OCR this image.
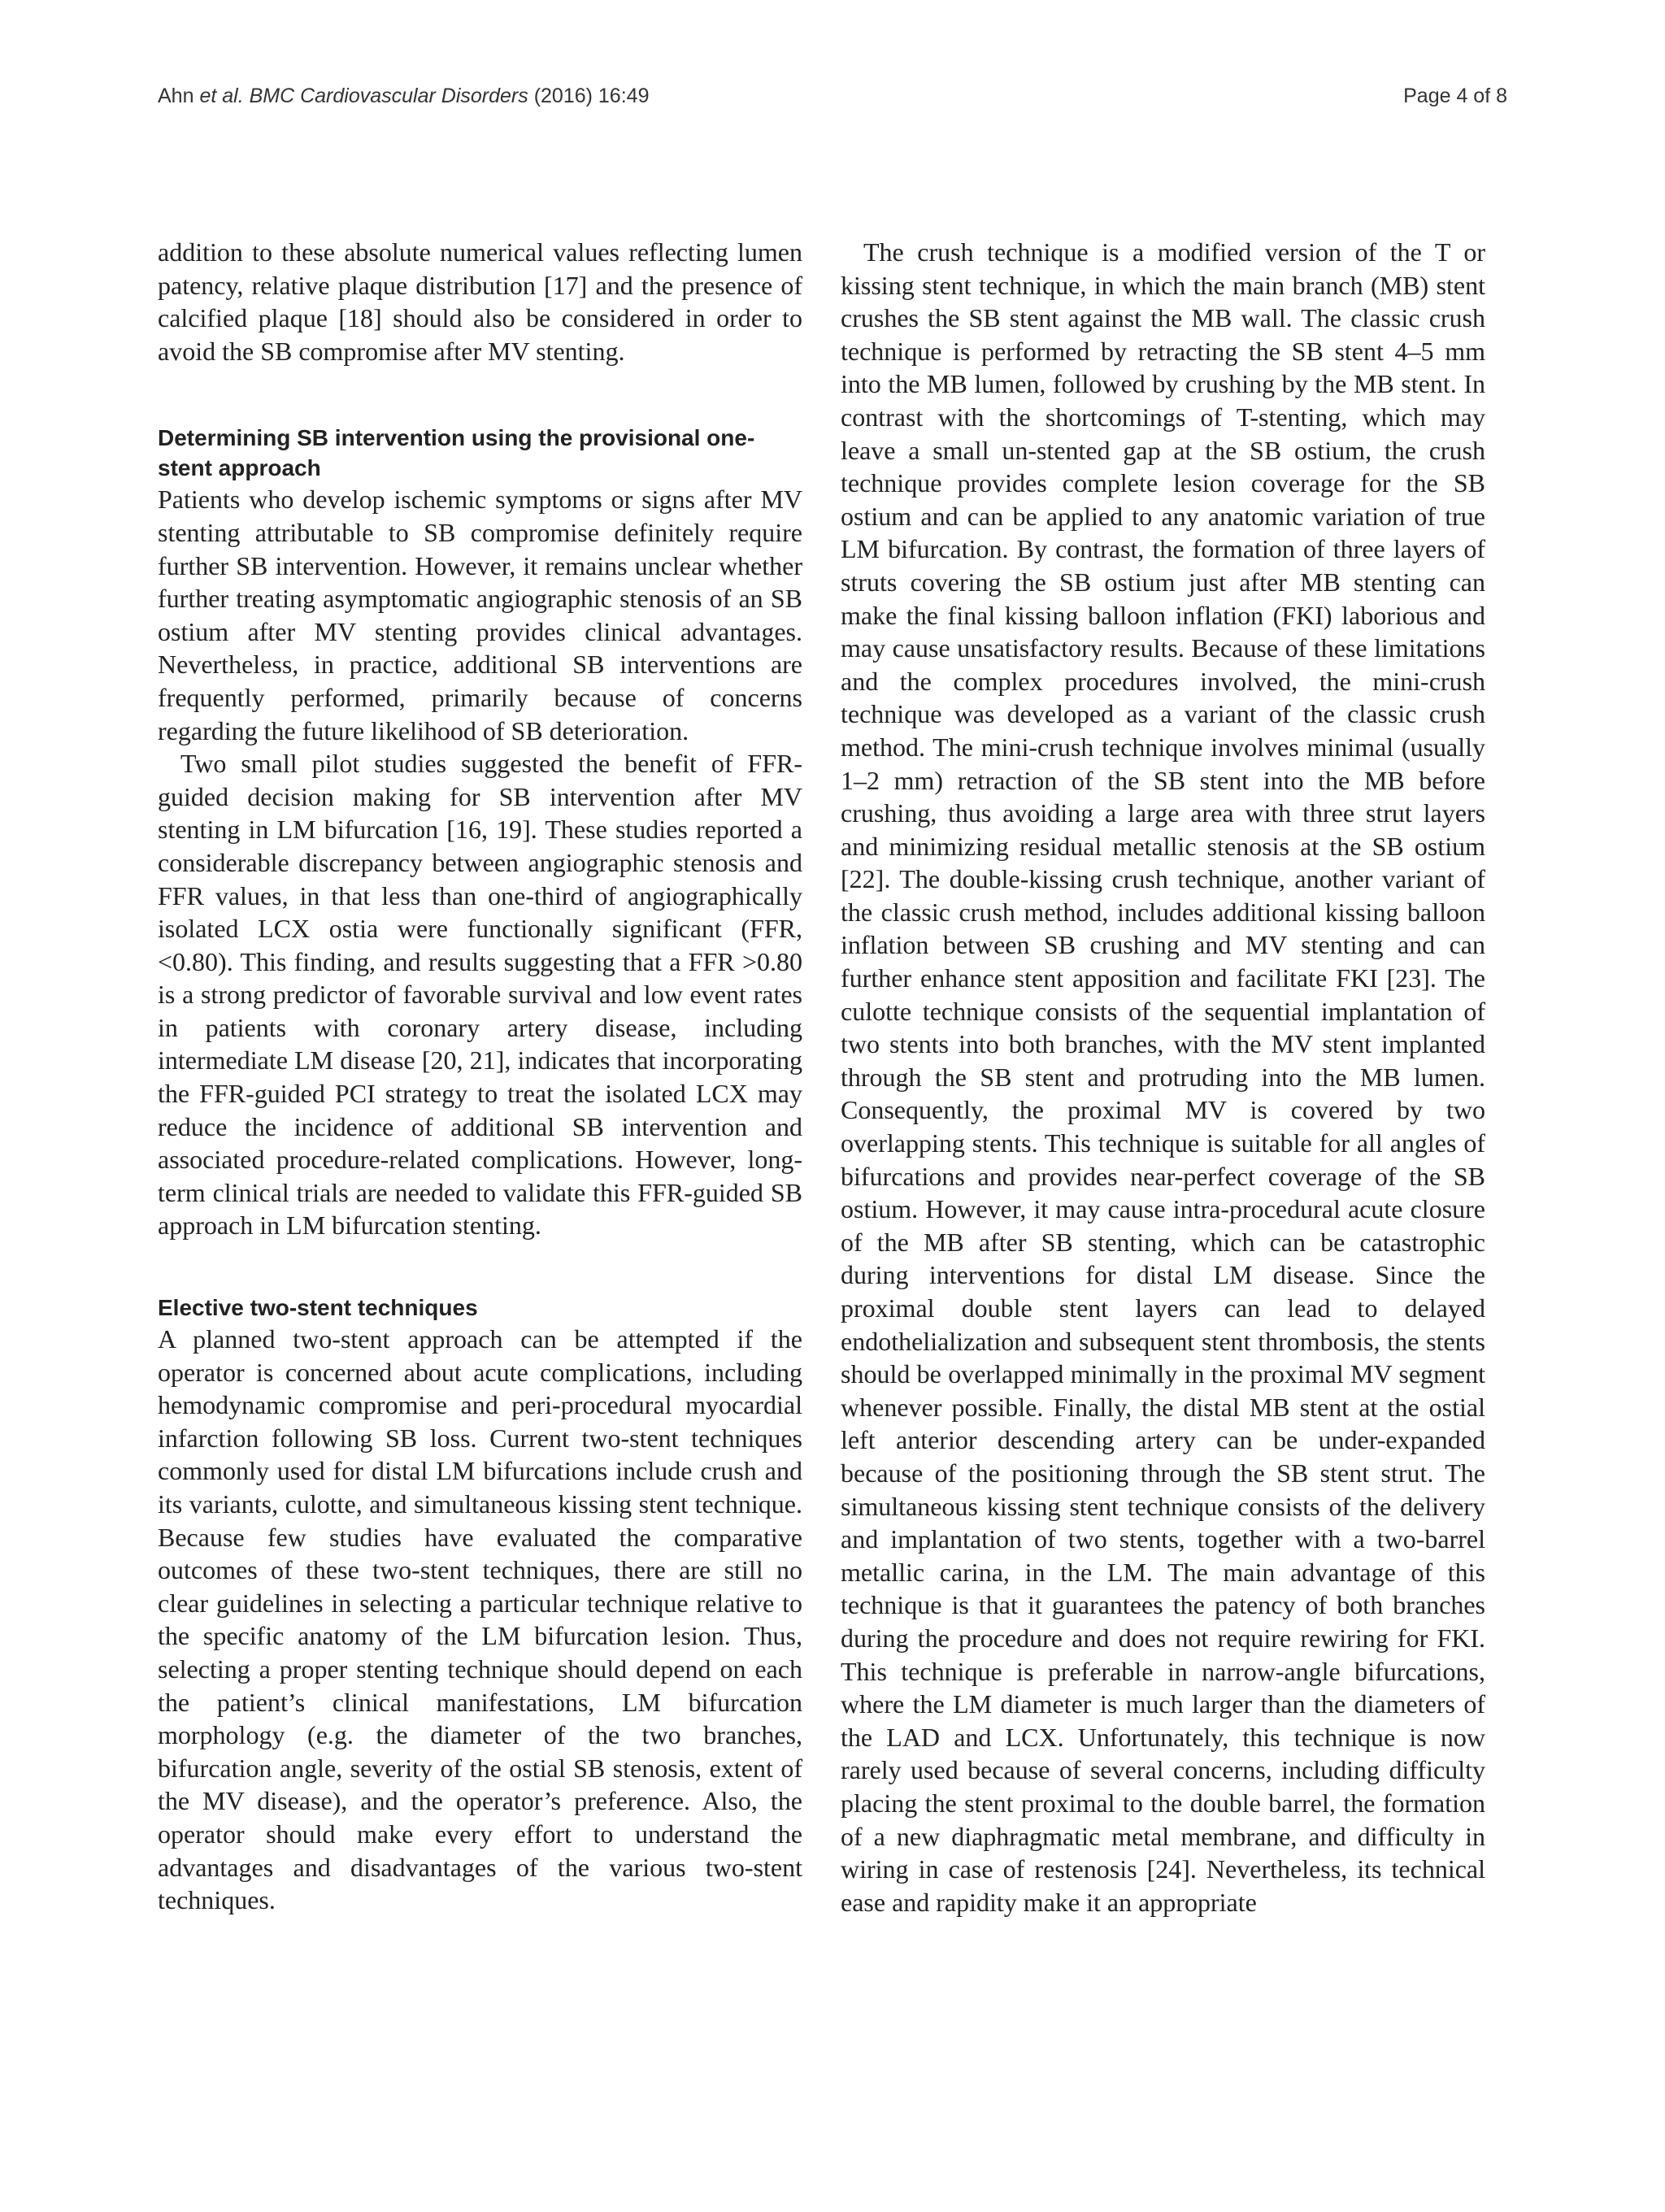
Ahn et al. BMC Cardiovascular Disorders (2016) 16:49	Page 4 of 8

addition to these absolute numerical values reflecting lumen patency, relative plaque distribution [17] and the presence of calcified plaque [18] should also be considered in order to avoid the SB compromise after MV stenting.

Determining SB intervention using the provisional one-stent approach

Patients who develop ischemic symptoms or signs after MV stenting attributable to SB compromise definitely require further SB intervention. However, it remains unclear whether further treating asymptomatic angiographic stenosis of an SB ostium after MV stenting provides clinical advantages. Nevertheless, in practice, additional SB interventions are frequently performed, primarily because of concerns regarding the future likelihood of SB deterioration.

Two small pilot studies suggested the benefit of FFR-guided decision making for SB intervention after MV stenting in LM bifurcation [16, 19]. These studies reported a considerable discrepancy between angiographic stenosis and FFR values, in that less than one-third of angiographically isolated LCX ostia were functionally significant (FFR, <0.80). This finding, and results suggesting that a FFR >0.80 is a strong predictor of favorable survival and low event rates in patients with coronary artery disease, including intermediate LM disease [20, 21], indicates that incorporating the FFR-guided PCI strategy to treat the isolated LCX may reduce the incidence of additional SB intervention and associated procedure-related complications. However, long-term clinical trials are needed to validate this FFR-guided SB approach in LM bifurcation stenting.

Elective two-stent techniques

A planned two-stent approach can be attempted if the operator is concerned about acute complications, including hemodynamic compromise and peri-procedural myocardial infarction following SB loss. Current two-stent techniques commonly used for distal LM bifurcations include crush and its variants, culotte, and simultaneous kissing stent technique. Because few studies have evaluated the comparative outcomes of these two-stent techniques, there are still no clear guidelines in selecting a particular technique relative to the specific anatomy of the LM bifurcation lesion. Thus, selecting a proper stenting technique should depend on each the patient’s clinical manifestations, LM bifurcation morphology (e.g. the diameter of the two branches, bifurcation angle, severity of the ostial SB stenosis, extent of the MV disease), and the operator’s preference. Also, the operator should make every effort to understand the advantages and disadvantages of the various two-stent techniques.

The crush technique is a modified version of the T or kissing stent technique, in which the main branch (MB) stent crushes the SB stent against the MB wall. The classic crush technique is performed by retracting the SB stent 4–5 mm into the MB lumen, followed by crushing by the MB stent. In contrast with the shortcomings of T-stenting, which may leave a small un-stented gap at the SB ostium, the crush technique provides complete lesion coverage for the SB ostium and can be applied to any anatomic variation of true LM bifurcation. By contrast, the formation of three layers of struts covering the SB ostium just after MB stenting can make the final kissing balloon inflation (FKI) laborious and may cause unsatisfactory results. Because of these limitations and the complex procedures involved, the mini-crush technique was developed as a variant of the classic crush method. The mini-crush technique involves minimal (usually 1–2 mm) retraction of the SB stent into the MB before crushing, thus avoiding a large area with three strut layers and minimizing residual metallic stenosis at the SB ostium [22]. The double-kissing crush technique, another variant of the classic crush method, includes additional kissing balloon inflation between SB crushing and MV stenting and can further enhance stent apposition and facilitate FKI [23]. The culotte technique consists of the sequential implantation of two stents into both branches, with the MV stent implanted through the SB stent and protruding into the MB lumen. Consequently, the proximal MV is covered by two overlapping stents. This technique is suitable for all angles of bifurcations and provides near-perfect coverage of the SB ostium. However, it may cause intra-procedural acute closure of the MB after SB stenting, which can be catastrophic during interventions for distal LM disease. Since the proximal double stent layers can lead to delayed endothelialization and subsequent stent thrombosis, the stents should be overlapped minimally in the proximal MV segment whenever possible. Finally, the distal MB stent at the ostial left anterior descending artery can be under-expanded because of the positioning through the SB stent strut. The simultaneous kissing stent technique consists of the delivery and implantation of two stents, together with a two-barrel metallic carina, in the LM. The main advantage of this technique is that it guarantees the patency of both branches during the procedure and does not require rewiring for FKI. This technique is preferable in narrow-angle bifurcations, where the LM diameter is much larger than the diameters of the LAD and LCX. Unfortunately, this technique is now rarely used because of several concerns, including difficulty placing the stent proximal to the double barrel, the formation of a new diaphragmatic metal membrane, and difficulty in wiring in case of restenosis [24]. Nevertheless, its technical ease and rapidity make it an appropriate
